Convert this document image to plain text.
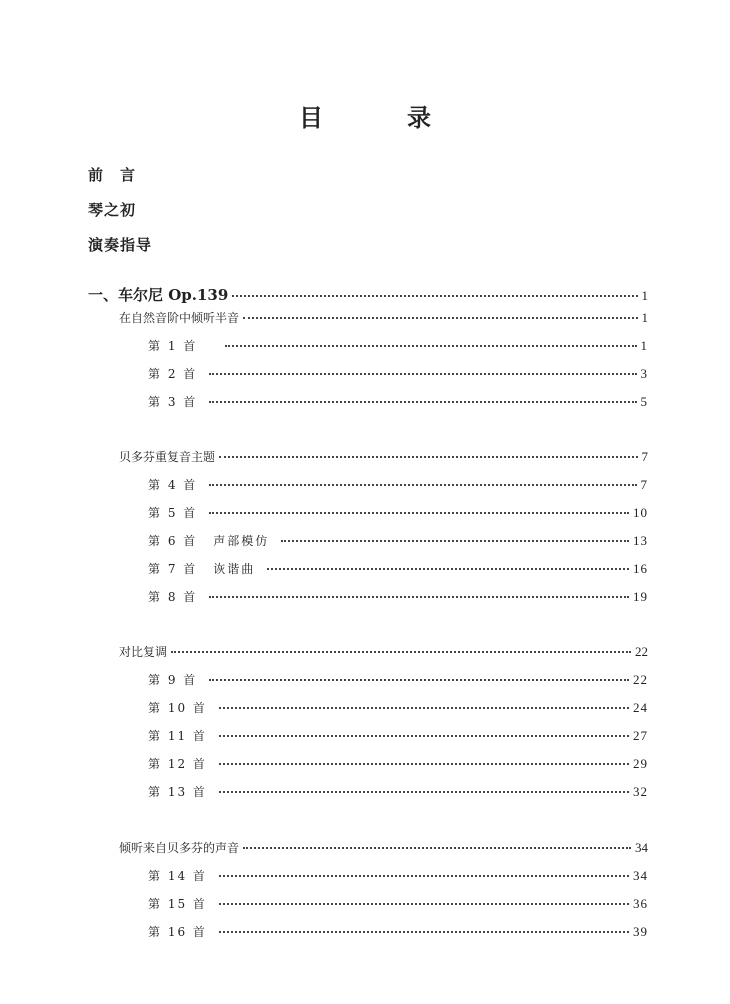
目　录
前　言
琴之初
演奏指导
一、车尔尼 Op.139	1
在自然音阶中倾听半音	1
第 1 首	1
第 2 首	3
第 3 首	5
贝多芬重复音主题	7
第 4 首	7
第 5 首	10
第 6 首 声部模仿	13
第 7 首 诙谐曲	16
第 8 首	19
对比复调	22
第 9 首	22
第 10 首	24
第 11 首	27
第 12 首	29
第 13 首	32
倾听来自贝多芬的声音	34
第 14 首	34
第 15 首	36
第 16 首	39
